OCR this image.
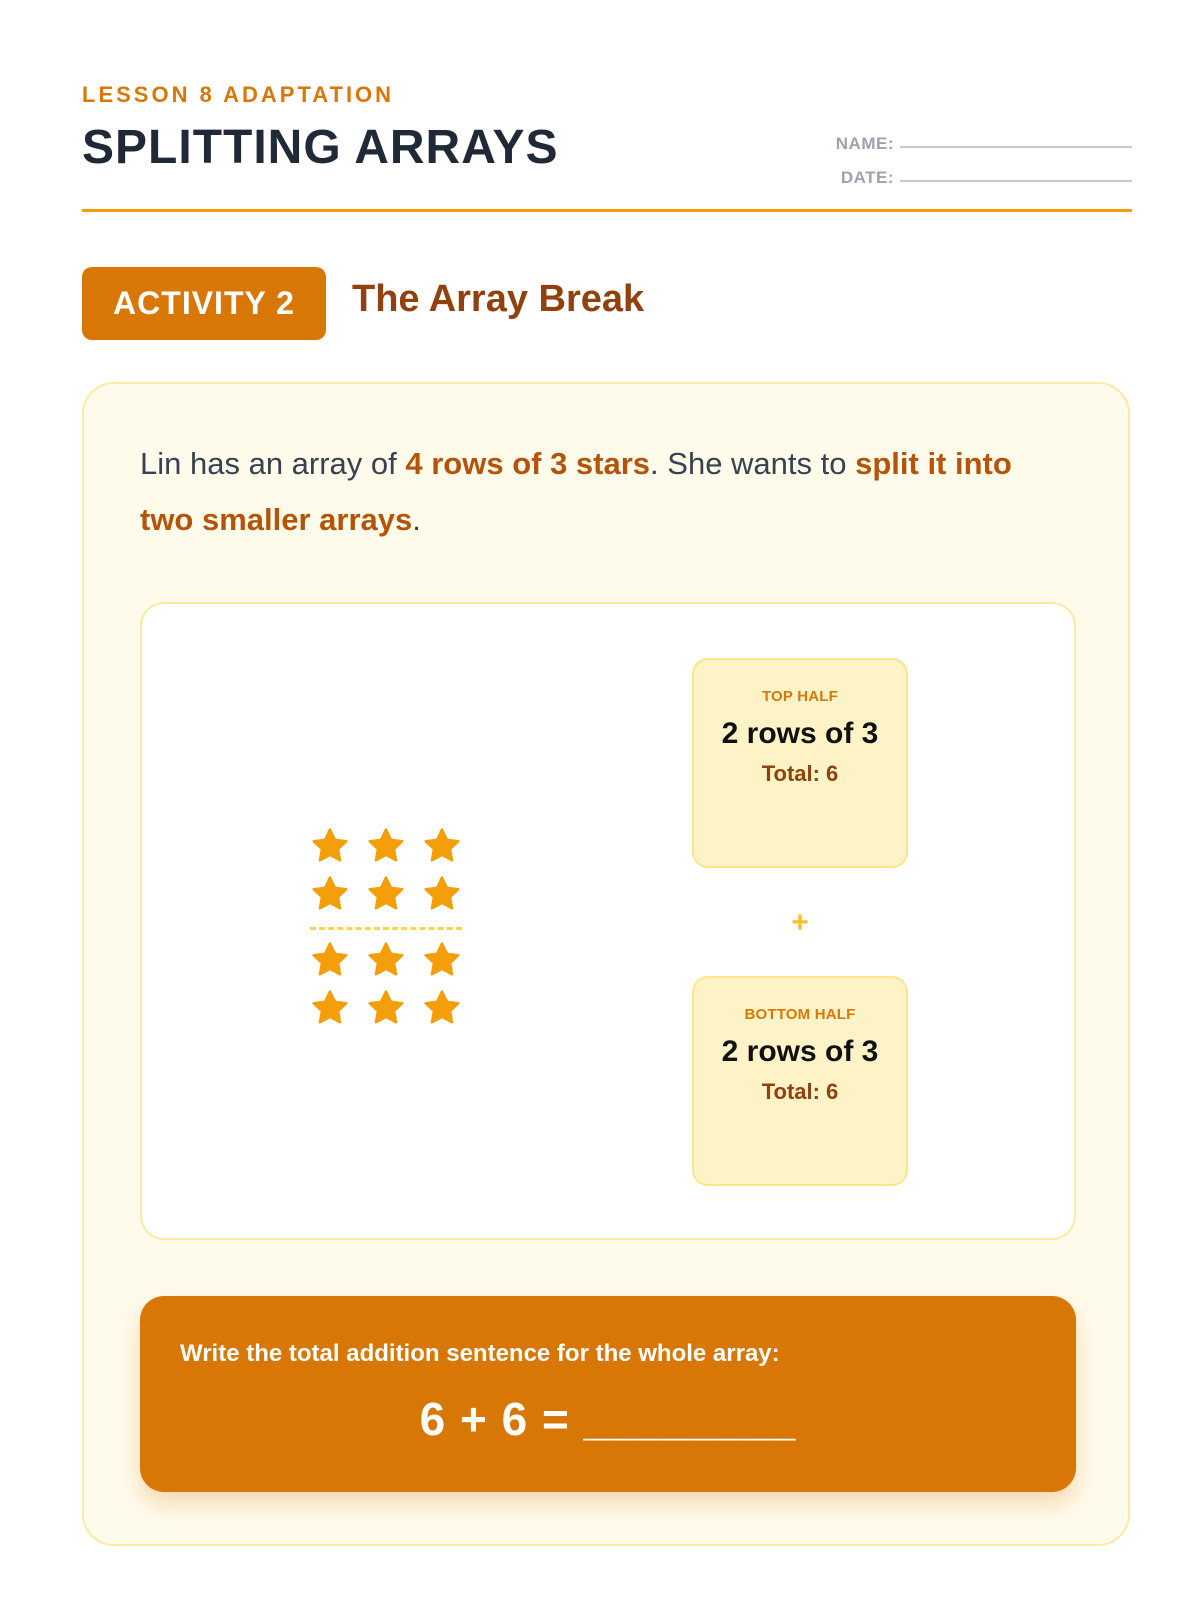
LESSON 8 ADAPTATION
SPLITTING ARRAYS	NAME:
DATE:
ACTIVITY 2	The Array Break

Lin has an array of 4 rows of 3 stars. She wants to split it into two smaller arrays.

TOP HALF
2 rows of 3
Total: 6
+
BOTTOM HALF
2 rows of 3
Total: 6
Write the total addition sentence for the whole array:
6 + 6 = ________
